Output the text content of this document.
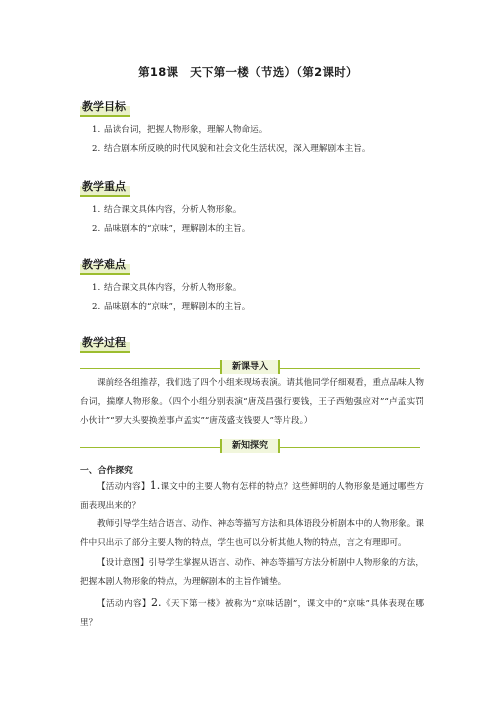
第18课　天下第一楼（节选）（第2课时）
教学目标
1. 品读台词，把握人物形象，理解人物命运。
2. 结合剧本所反映的时代风貌和社会文化生活状况，深入理解剧本主旨。
教学重点
1. 结合课文具体内容，分析人物形象。
2. 品味剧本的“京味”，理解剧本的主旨。
教学难点
1. 结合课文具体内容，分析人物形象。
2. 品味剧本的“京味”，理解剧本的主旨。
教学过程
新课导入
课前经各组推荐，我们选了四个小组来现场表演。请其他同学仔细观看，重点品味人物台词，揣摩人物形象。（四个小组分别表演“唐茂昌强行要钱，王子西勉强应对”“卢孟实罚小伙计”“罗大头要换差事卢孟实”“唐茂盛支钱要人”等片段。）
新知探究
一、合作探究
【活动内容】1.课文中的主要人物有怎样的特点？这些鲜明的人物形象是通过哪些方面表现出来的？
教师引导学生结合语言、动作、神态等描写方法和具体语段分析剧本中的人物形象。课件中只出示了部分主要人物的特点，学生也可以分析其他人物的特点，言之有理即可。
【设计意图】引导学生掌握从语言、动作、神态等描写方法分析剧中人物形象的方法，把握本剧人物形象的特点，为理解剧本的主旨作铺垫。
【活动内容】2.《天下第一楼》被称为“京味话剧”，课文中的“京味”具体表现在哪里？
